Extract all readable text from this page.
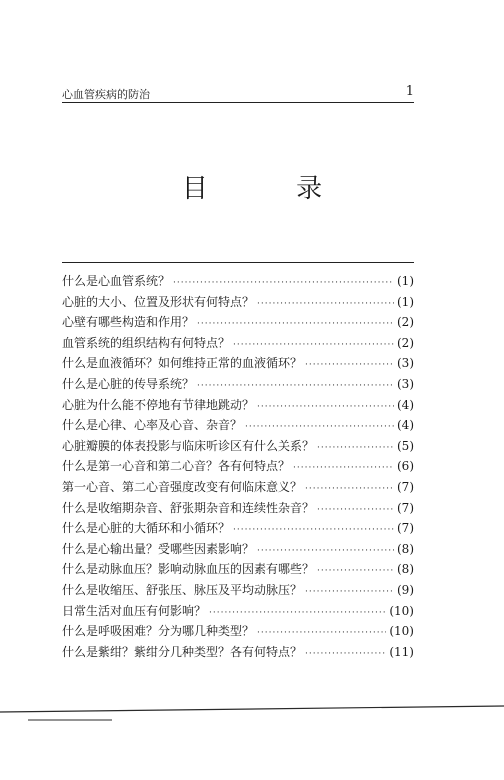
心血管疾病的防治	1
目 录
什么是心血管系统？ ·····	(1)
心脏的大小、位置及形状有何特点？ ·····	(1)
心壁有哪些构造和作用？ ·····	(2)
血管系统的组织结构有何特点？ ·····	(2)
什么是血液循环？如何维持正常的血液循环？ ·····	(3)
什么是心脏的传导系统？ ·····	(3)
心脏为什么能不停地有节律地跳动？ ·····	(4)
什么是心律、心率及心音、杂音？ ·····	(4)
心脏瓣膜的体表投影与临床听诊区有什么关系？ ·····	(5)
什么是第一心音和第二心音？各有何特点？ ·····	(6)
第一心音、第二心音强度改变有何临床意义？ ·····	(7)
什么是收缩期杂音、舒张期杂音和连续性杂音？ ·····	(7)
什么是心脏的大循环和小循环？ ·····	(7)
什么是心输出量？受哪些因素影响？ ·····	(8)
什么是动脉血压？影响动脉血压的因素有哪些？ ·····	(8)
什么是收缩压、舒张压、脉压及平均动脉压？ ·····	(9)
日常生活对血压有何影响？ ·····	(10)
什么是呼吸困难？分为哪几种类型？ ·····	(10)
什么是紫绀？紫绀分几种类型？各有何特点？ ·····	(11)
